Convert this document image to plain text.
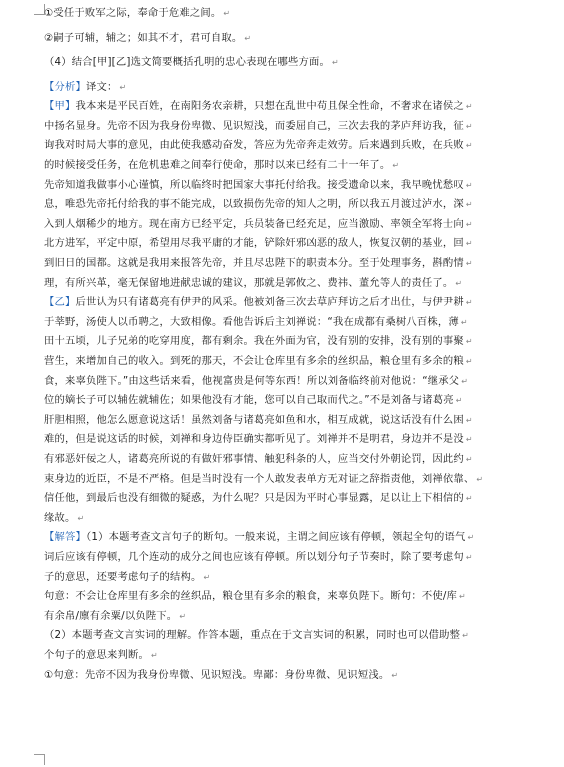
①受任于败军之际，奉命于危难之间。 ↵
②嗣子可辅，辅之；如其不才，君可自取。 ↵
（4）结合[甲][乙]选文简要概括孔明的忠心表现在哪些方面。 ↵
【分析】译文： ↵
【甲】我本来是平民百姓，在南阳务农亲耕，只想在乱世中苟且保全性命，不奢求在诸侯之 ↵
中扬名显身。先帝不因为我身份卑微、见识短浅，而委屈自己，三次去我的茅庐拜访我，征 ↵
询我对时局大事的意见，由此使我感动奋发，答应为先帝奔走效劳。后来遇到兵败，在兵败 ↵
的时候接受任务，在危机患难之间奉行使命，那时以来已经有二十一年了。 ↵
先帝知道我做事小心谨慎，所以临终时把国家大事托付给我。接受遗命以来，我早晚忧愁叹 ↵
息，唯恐先帝托付给我的事不能完成，以致损伤先帝的知人之明，所以我五月渡过泸水，深 ↵
入到人烟稀少的地方。现在南方已经平定，兵员装备已经充足，应当激励、率领全军将士向 ↵
北方进军，平定中原，希望用尽我平庸的才能，铲除奸邪凶恶的敌人，恢复汉朝的基业，回 ↵
到旧日的国都。这就是我用来报答先帝，并且尽忠陛下的职责本分。至于处理事务，斟酌情 ↵
理，有所兴革，毫无保留地进献忠诚的建议，那就是郭攸之、费祎、董允等人的责任了。 ↵
【乙】后世认为只有诸葛亮有伊尹的风采。他被刘备三次去草庐拜访之后才出仕，与伊尹耕 ↵
于莘野，汤使人以币聘之，大致相像。看他告诉后主刘禅说：“我在成都有桑树八百株，薄 ↵
田十五顷，儿子兄弟的吃穿用度，都有剩余。我在外面为官，没有别的安排，没有别的事聚 ↵
营生，来增加自己的收入。到死的那天，不会让仓库里有多余的丝织品，粮仓里有多余的粮 ↵
食，来辜负陛下。”由这些话来看，他视富贵是何等东西！所以刘备临终前对他说：“继承父 ↵
位的嫡长子可以辅佐就辅佐；如果他没有才能，您可以自己取而代之。”不是刘备与诸葛亮 ↵
肝胆相照，他怎么愿意说这话！虽然刘备与诸葛亮如鱼和水，相互成就，说这话没有什么困 ↵
难的，但是说这话的时候，刘禅和身边侍臣确实都听见了。刘禅并不是明君，身边并不是没 ↵
有邪恶奸佞之人，诸葛亮所说的有做奸邪事情、触犯科条的人，应当交付外朝论罚，因此约 ↵
束身边的近臣，不是不严格。但是当时没有一个人敢发表单方无对证之辞指责他，刘禅依靠、 ↵
信任他，到最后也没有细微的疑惑，为什么呢？只是因为平时心事显露，足以让上下相信的 ↵
缘故。 ↵
【解答】（1）本题考查文言句子的断句。一般来说，主谓之间应该有停顿，领起全句的语气 ↵
词后应该有停顿，几个连动的成分之间也应该有停顿。所以划分句子节奏时，除了要考虑句 ↵
子的意思，还要考虑句子的结构。 ↵
句意：不会让仓库里有多余的丝织品，粮仓里有多余的粮食，来辜负陛下。断句：不使/库 ↵
有余帛/廪有余粟/以负陛下。 ↵
（2）本题考查文言实词的理解。作答本题，重点在于文言实词的积累，同时也可以借助整 ↵
个句子的意思来判断。 ↵
①句意：先帝不因为我身份卑微、见识短浅。卑鄙：身份卑微、见识短浅。 ↵
